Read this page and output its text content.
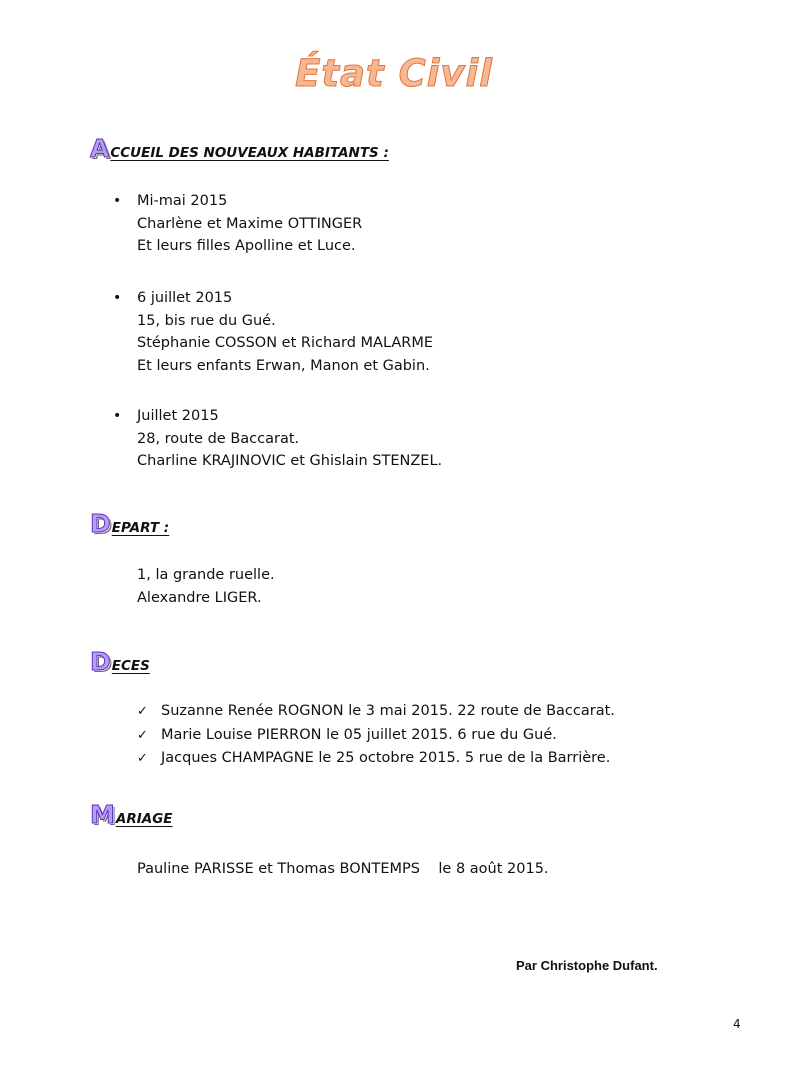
État Civil
A CCUEIL DES NOUVEAUX HABITANTS :
• Mi-mai 2015
Charlène et Maxime OTTINGER
Et leurs filles Apolline et Luce.
• 6 juillet 2015
15, bis rue du Gué.
Stéphanie COSSON et Richard MALARME
Et leurs enfants Erwan, Manon et Gabin.
• Juillet 2015
28, route de Baccarat.
Charline KRAJINOVIC et Ghislain STENZEL.
D EPART :
1, la grande ruelle.
Alexandre LIGER.
D ECES
✓ Suzanne Renée ROGNON le 3 mai 2015. 22 route de Baccarat.
✓ Marie Louise PIERRON le 05 juillet 2015. 6 rue du Gué.
✓ Jacques CHAMPAGNE le 25 octobre 2015. 5 rue de la Barrière.
M ARIAGE
Pauline PARISSE et Thomas BONTEMPS    le 8 août 2015.
Par Christophe Dufant.
4
